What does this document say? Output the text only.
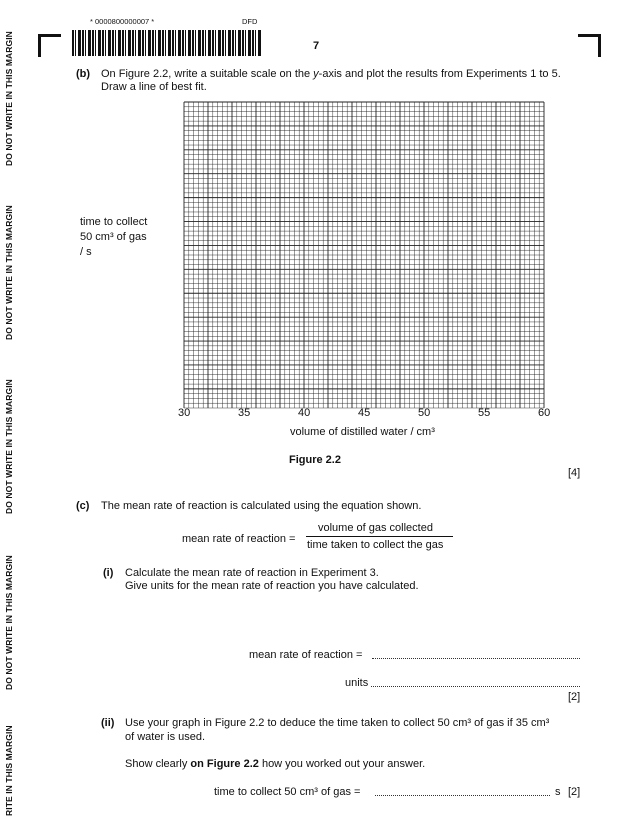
DO NOT WRITE IN THIS MARGIN
DO NOT WRITE IN THIS MARGIN
DO NOT WRITE IN THIS MARGIN
DO NOT WRITE IN THIS MARGIN
RITE IN THIS MARGIN
* 0000800000007 *	DFD
7
(b) On Figure 2.2, write a suitable scale on the y-axis and plot the results from Experiments 1 to 5.
Draw a line of best fit.
time to collect
50 cm³ of gas
/ s
30	35	40	45	50	55	60
volume of distilled water / cm³
Figure 2.2
[4]
(c) The mean rate of reaction is calculated using the equation shown.
mean rate of reaction =
volume of gas collected
time taken to collect the gas
(i) Calculate the mean rate of reaction in Experiment 3.
Give units for the mean rate of reaction you have calculated.
mean rate of reaction =
units
[2]
(ii) Use your graph in Figure 2.2 to deduce the time taken to collect 50 cm³ of gas if 35 cm³
of water is used.
Show clearly on Figure 2.2 how you worked out your answer.
time to collect 50 cm³ of gas =	s [2]
